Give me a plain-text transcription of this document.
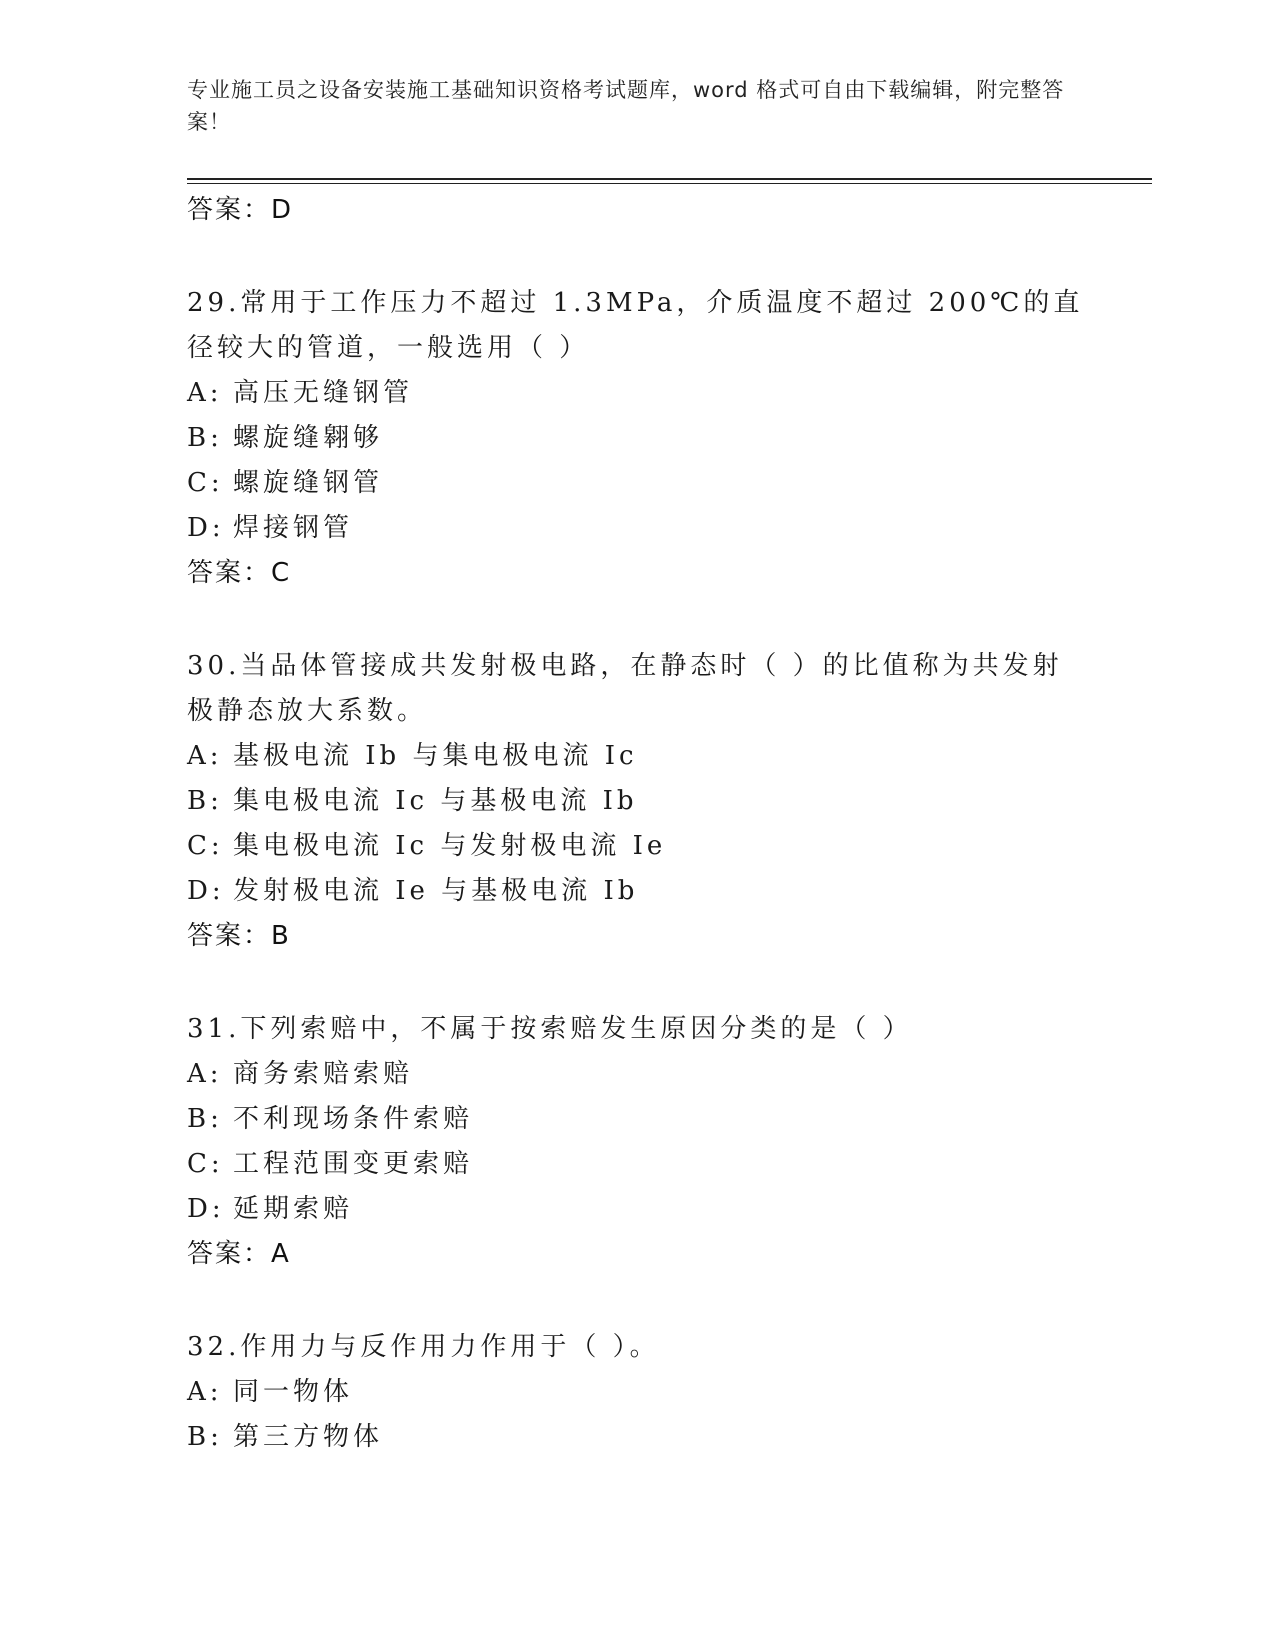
专业施工员之设备安装施工基础知识资格考试题库，word 格式可自由下载编辑，附完整答案！
答案：D
29.常用于工作压力不超过 1.3MPa，介质温度不超过 200℃的直径较大的管道，一般选用（ ）
A: 高压无缝钢管
B: 螺旋缝翱够
C: 螺旋缝钢管
D: 焊接钢管
答案：C
30.当品体管接成共发射极电路，在静态时（ ）的比值称为共发射极静态放大系数。
A: 基极电流 Ib 与集电极电流 Ic
B: 集电极电流 Ic 与基极电流 Ib
C: 集电极电流 Ic 与发射极电流 Ie
D: 发射极电流 Ie 与基极电流 Ib
答案：B
31.下列索赔中，不属于按索赔发生原因分类的是（ ）
A: 商务索赔索赔
B: 不利现场条件索赔
C: 工程范围变更索赔
D: 延期索赔
答案：A
32.作用力与反作用力作用于（ ）。
A: 同一物体
B: 第三方物体
